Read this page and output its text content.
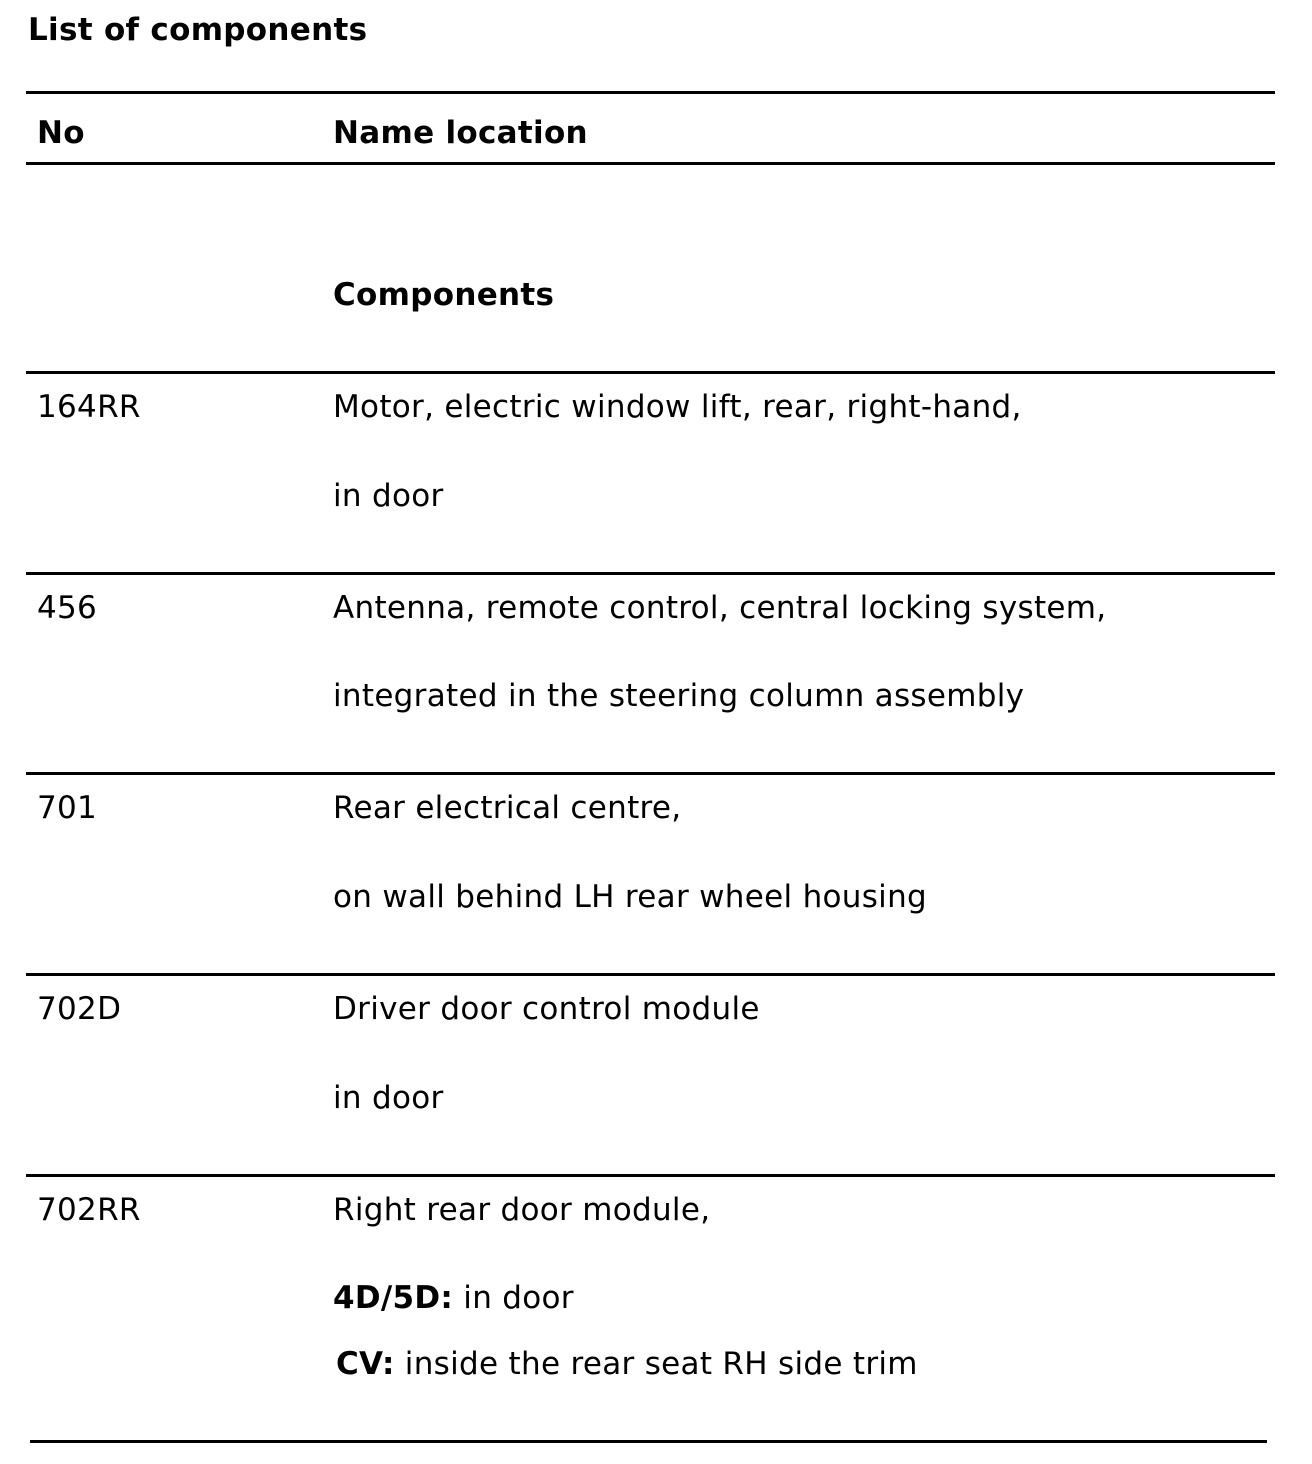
List of components
No	Name location
Components
164RR	Motor, electric window lift, rear, right-hand,
in door
456	Antenna, remote control, central locking system,
integrated in the steering column assembly
701	Rear electrical centre,
on wall behind LH rear wheel housing
702D	Driver door control module
in door
702RR	Right rear door module,
4D/5D: in door
CV: inside the rear seat RH side trim
